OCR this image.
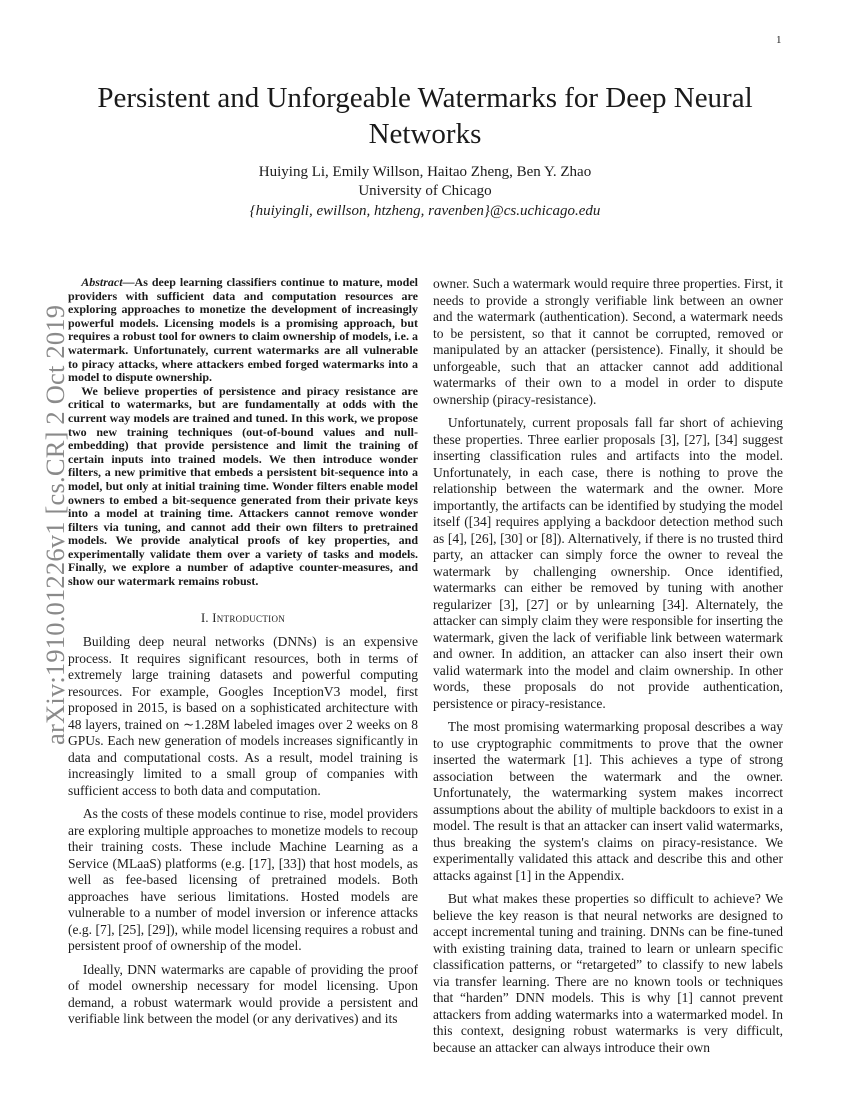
1
arXiv:1910.01226v1 [cs.CR] 2 Oct 2019
Persistent and Unforgeable Watermarks for Deep Neural Networks
Huiying Li, Emily Willson, Haitao Zheng, Ben Y. Zhao
University of Chicago
{huiyingli, ewillson, htzheng, ravenben}@cs.uchicago.edu

Abstract—As deep learning classifiers continue to mature, model providers with sufficient data and computation resources are exploring approaches to monetize the development of increasingly powerful models. Licensing models is a promising approach, but requires a robust tool for owners to claim ownership of models, i.e. a watermark. Unfortunately, current watermarks are all vulnerable to piracy attacks, where attackers embed forged watermarks into a model to dispute ownership.

We believe properties of persistence and piracy resistance are critical to watermarks, but are fundamentally at odds with the current way models are trained and tuned. In this work, we propose two new training techniques (out-of-bound values and null-embedding) that provide persistence and limit the training of certain inputs into trained models. We then introduce wonder filters, a new primitive that embeds a persistent bit-sequence into a model, but only at initial training time. Wonder filters enable model owners to embed a bit-sequence generated from their private keys into a model at training time. Attackers cannot remove wonder filters via tuning, and cannot add their own filters to pretrained models. We provide analytical proofs of key properties, and experimentally validate them over a variety of tasks and models. Finally, we explore a number of adaptive counter-measures, and show our watermark remains robust.

I. Introduction

Building deep neural networks (DNNs) is an expensive process. It requires significant resources, both in terms of extremely large training datasets and powerful computing resources. For example, Googles InceptionV3 model, first proposed in 2015, is based on a sophisticated architecture with 48 layers, trained on ∼1.28M labeled images over 2 weeks on 8 GPUs. Each new generation of models increases significantly in data and computational costs. As a result, model training is increasingly limited to a small group of companies with sufficient access to both data and computation.

As the costs of these models continue to rise, model providers are exploring multiple approaches to monetize models to recoup their training costs. These include Machine Learning as a Service (MLaaS) platforms (e.g. [17], [33]) that host models, as well as fee-based licensing of pretrained models. Both approaches have serious limitations. Hosted models are vulnerable to a number of model inversion or inference attacks (e.g. [7], [25], [29]), while model licensing requires a robust and persistent proof of ownership of the model.

Ideally, DNN watermarks are capable of providing the proof of model ownership necessary for model licensing. Upon demand, a robust watermark would provide a persistent and verifiable link between the model (or any derivatives) and its

owner. Such a watermark would require three properties. First, it needs to provide a strongly verifiable link between an owner and the watermark (authentication). Second, a watermark needs to be persistent, so that it cannot be corrupted, removed or manipulated by an attacker (persistence). Finally, it should be unforgeable, such that an attacker cannot add additional watermarks of their own to a model in order to dispute ownership (piracy-resistance).

Unfortunately, current proposals fall far short of achieving these properties. Three earlier proposals [3], [27], [34] suggest inserting classification rules and artifacts into the model. Unfortunately, in each case, there is nothing to prove the relationship between the watermark and the owner. More importantly, the artifacts can be identified by studying the model itself ([34] requires applying a backdoor detection method such as [4], [26], [30] or [8]). Alternatively, if there is no trusted third party, an attacker can simply force the owner to reveal the watermark by challenging ownership. Once identified, watermarks can either be removed by tuning with another regularizer [3], [27] or by unlearning [34]. Alternately, the attacker can simply claim they were responsible for inserting the watermark, given the lack of verifiable link between watermark and owner. In addition, an attacker can also insert their own valid watermark into the model and claim ownership. In other words, these proposals do not provide authentication, persistence or piracy-resistance.

The most promising watermarking proposal describes a way to use cryptographic commitments to prove that the owner inserted the watermark [1]. This achieves a type of strong association between the watermark and the owner. Unfortunately, the watermarking system makes incorrect assumptions about the ability of multiple backdoors to exist in a model. The result is that an attacker can insert valid watermarks, thus breaking the system's claims on piracy-resistance. We experimentally validated this attack and describe this and other attacks against [1] in the Appendix.

But what makes these properties so difficult to achieve? We believe the key reason is that neural networks are designed to accept incremental tuning and training. DNNs can be fine-tuned with existing training data, trained to learn or unlearn specific classification patterns, or “retargeted” to classify to new labels via transfer learning. There are no known tools or techniques that “harden” DNN models. This is why [1] cannot prevent attackers from adding watermarks into a watermarked model. In this context, designing robust watermarks is very difficult, because an attacker can always introduce their own
